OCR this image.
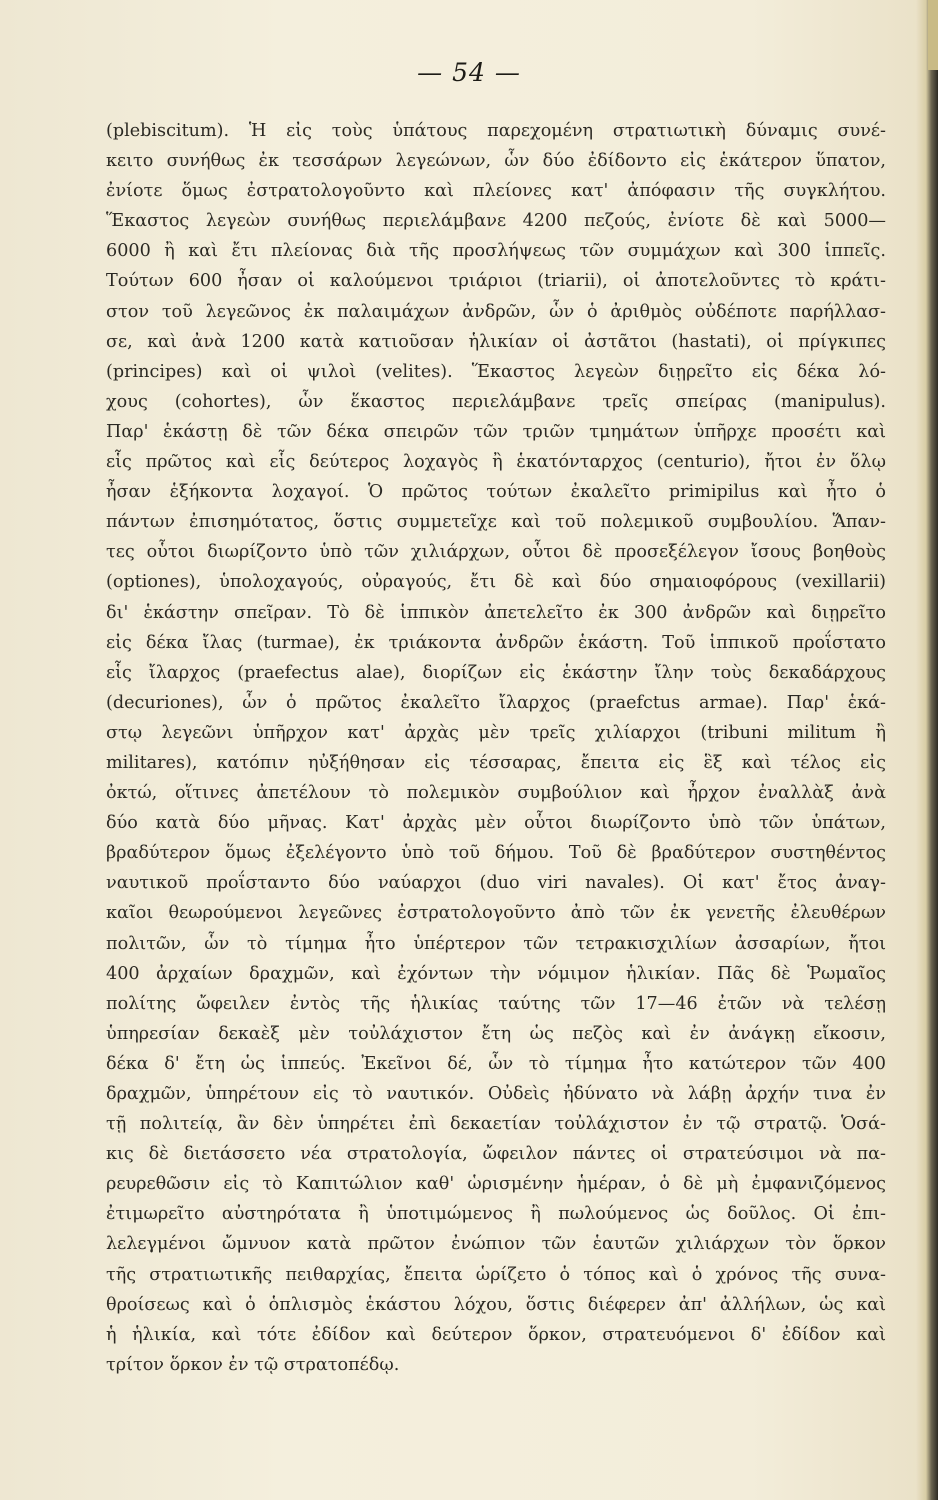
— 54 —
(plebiscitum). Ἡ εἰς τοὺς ὑπάτους παρεχομένη στρατιωτικὴ δύναμις συνέ-
κειτο συνήθως ἐκ τεσσάρων λεγεώνων, ὧν δύο ἐδίδοντο εἰς ἑκάτερον ὕπατον,
ἐνίοτε ὅμως ἐστρατολογοῦντο καὶ πλείονες κατ' ἀπόφασιν τῆς συγκλήτου.
Ἕκαστος λεγεὼν συνήθως περιελάμβανε 4200 πεζούς, ἐνίοτε δὲ καὶ 5000—
6000 ἢ καὶ ἔτι πλείονας διὰ τῆς προσλήψεως τῶν συμμάχων καὶ 300 ἱππεῖς.
Τούτων 600 ἦσαν οἱ καλούμενοι τριάριοι (triarii), οἱ ἀποτελοῦντες τὸ κράτι-
στον τοῦ λεγεῶνος ἐκ παλαιμάχων ἀνδρῶν, ὧν ὁ ἀριθμὸς οὐδέποτε παρήλλασ-
σε, καὶ ἀνὰ 1200 κατὰ κατιοῦσαν ἡλικίαν οἱ ἀστᾶτοι (hastati), οἱ πρίγκιπες
(principes) καὶ οἱ ψιλοὶ (velites). Ἕκαστος λεγεὼν διῃρεῖτο εἰς δέκα λό-
χους (cohortes), ὧν ἕκαστος περιελάμβανε τρεῖς σπείρας (manipulus).
Παρ' ἑκάστῃ δὲ τῶν δέκα σπειρῶν τῶν τριῶν τμημάτων ὑπῆρχε προσέτι καὶ
εἷς πρῶτος καὶ εἷς δεύτερος λοχαγὸς ἢ ἑκατόνταρχος (centurio), ἤτοι ἐν ὅλῳ
ἦσαν ἑξήκοντα λοχαγοί. Ὁ πρῶτος τούτων ἐκαλεῖτο primipilus καὶ ἦτο ὁ
πάντων ἐπισημότατος, ὅστις συμμετεῖχε καὶ τοῦ πολεμικοῦ συμβουλίου. Ἅπαν-
τες οὗτοι διωρίζοντο ὑπὸ τῶν χιλιάρχων, οὗτοι δὲ προσεξέλεγον ἴσους βοηθοὺς
(optiones), ὑπολοχαγούς, οὐραγούς, ἔτι δὲ καὶ δύο σημαιοφόρους (vexillarii)
δι' ἑκάστην σπεῖραν. Τὸ δὲ ἱππικὸν ἀπετελεῖτο ἐκ 300 ἀνδρῶν καὶ διῃρεῖτο
εἰς δέκα ἴλας (turmae), ἐκ τριάκοντα ἀνδρῶν ἑκάστη. Τοῦ ἱππικοῦ προΐστατο
εἷς ἴλαρχος (praefectus alae), διορίζων εἰς ἑκάστην ἴλην τοὺς δεκαδάρχους
(decuriones), ὧν ὁ πρῶτος ἐκαλεῖτο ἴλαρχος (praefctus armae). Παρ' ἑκά-
στῳ λεγεῶνι ὑπῆρχον κατ' ἀρχὰς μὲν τρεῖς χιλίαρχοι (tribuni militum ἢ
militares), κατόπιν ηὐξήθησαν εἰς τέσσαρας, ἔπειτα εἰς ἓξ καὶ τέλος εἰς
ὀκτώ, οἵτινες ἀπετέλουν τὸ πολεμικὸν συμβούλιον καὶ ἦρχον ἐναλλὰξ ἀνὰ
δύο κατὰ δύο μῆνας. Κατ' ἀρχὰς μὲν οὗτοι διωρίζοντο ὑπὸ τῶν ὑπάτων,
βραδύτερον ὅμως ἐξελέγοντο ὑπὸ τοῦ δήμου. Τοῦ δὲ βραδύτερον συστηθέντος
ναυτικοῦ προΐσταντο δύο ναύαρχοι (duo viri navales). Οἱ κατ' ἔτος ἀναγ-
καῖοι θεωρούμενοι λεγεῶνες ἐστρατολογοῦντο ἀπὸ τῶν ἐκ γενετῆς ἐλευθέρων
πολιτῶν, ὧν τὸ τίμημα ἦτο ὑπέρτερον τῶν τετρακισχιλίων ἀσσαρίων, ἤτοι
400 ἀρχαίων δραχμῶν, καὶ ἐχόντων τὴν νόμιμον ἡλικίαν. Πᾶς δὲ Ῥωμαῖος
πολίτης ὤφειλεν ἐντὸς τῆς ἡλικίας ταύτης τῶν 17—46 ἐτῶν νὰ τελέσῃ
ὑπηρεσίαν δεκαὲξ μὲν τοὐλάχιστον ἔτη ὡς πεζὸς καὶ ἐν ἀνάγκῃ εἴκοσιν,
δέκα δ' ἔτη ὡς ἱππεύς. Ἐκεῖνοι δέ, ὧν τὸ τίμημα ἦτο κατώτερον τῶν 400
δραχμῶν, ὑπηρέτουν εἰς τὸ ναυτικόν. Οὐδεὶς ἠδύνατο νὰ λάβῃ ἀρχήν τινα ἐν
τῇ πολιτείᾳ, ἂν δὲν ὑπηρέτει ἐπὶ δεκαετίαν τοὐλάχιστον ἐν τῷ στρατῷ. Ὁσά-
κις δὲ διετάσσετο νέα στρατολογία, ὤφειλον πάντες οἱ στρατεύσιμοι νὰ πα-
ρευρεθῶσιν εἰς τὸ Καπιτώλιον καθ' ὡρισμένην ἡμέραν, ὁ δὲ μὴ ἐμφανιζόμενος
ἐτιμωρεῖτο αὐστηρότατα ἢ ὑποτιμώμενος ἢ πωλούμενος ὡς δοῦλος. Οἱ ἐπι-
λελεγμένοι ὤμνυον κατὰ πρῶτον ἐνώπιον τῶν ἑαυτῶν χιλιάρχων τὸν ὅρκον
τῆς στρατιωτικῆς πειθαρχίας, ἔπειτα ὡρίζετο ὁ τόπος καὶ ὁ χρόνος τῆς συνα-
θροίσεως καὶ ὁ ὁπλισμὸς ἑκάστου λόχου, ὅστις διέφερεν ἀπ' ἀλλήλων, ὡς καὶ
ἡ ἡλικία, καὶ τότε ἐδίδον καὶ δεύτερον ὅρκον, στρατευόμενοι δ' ἐδίδον καὶ
τρίτον ὅρκον ἐν τῷ στρατοπέδῳ.
